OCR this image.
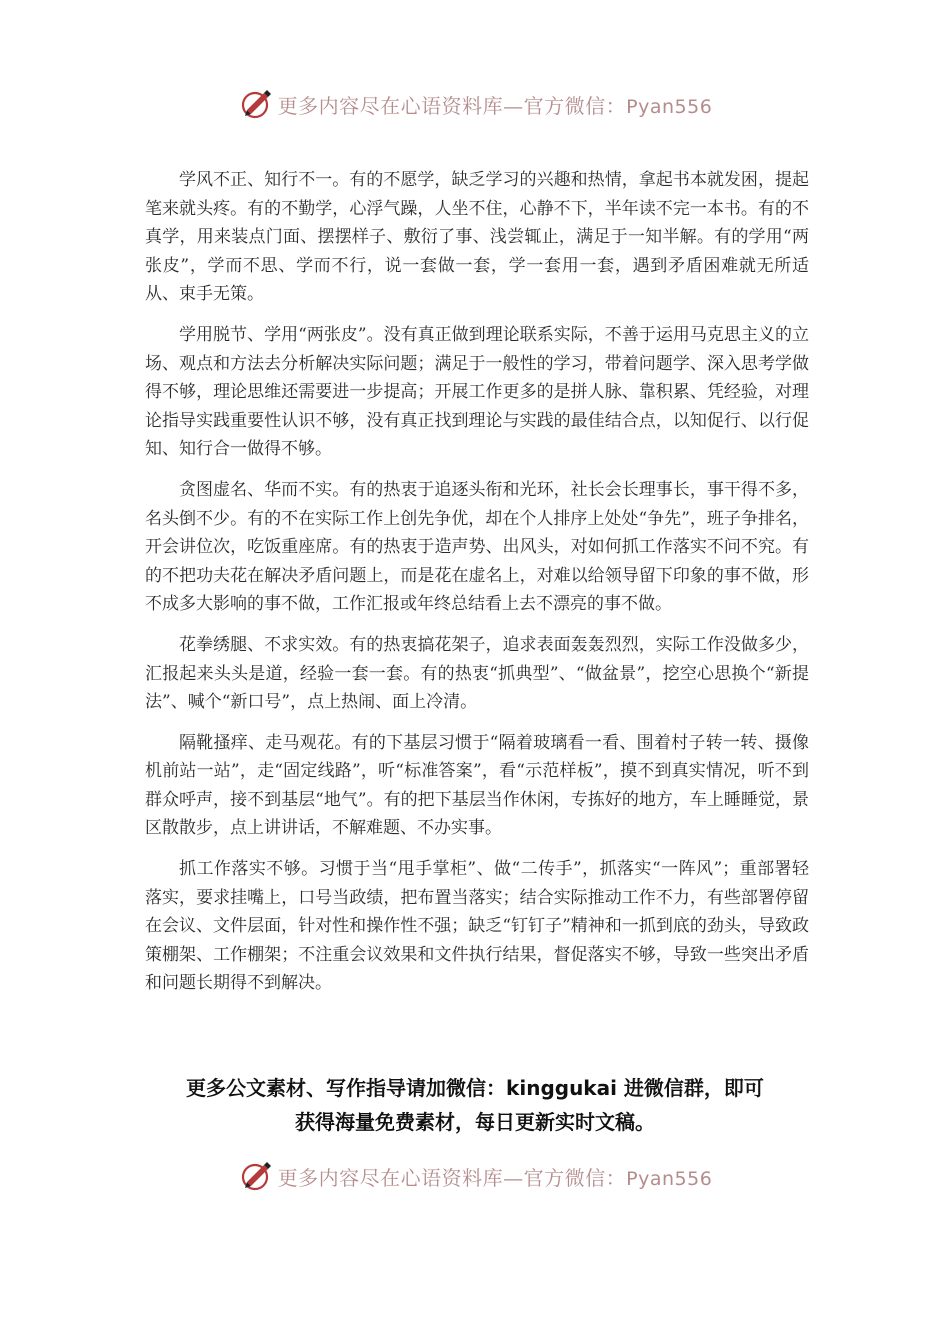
更多内容尽在心语资料库—官方微信：Pyan556

学风不正、知行不一。有的不愿学，缺乏学习的兴趣和热情，拿起书本就发困，提起笔来就头疼。有的不勤学，心浮气躁，人坐不住，心静不下，半年读不完一本书。有的不真学，用来装点门面、摆摆样子、敷衍了事、浅尝辄止，满足于一知半解。有的学用“两张皮”，学而不思、学而不行，说一套做一套，学一套用一套，遇到矛盾困难就无所适从、束手无策。

学用脱节、学用“两张皮”。没有真正做到理论联系实际，不善于运用马克思主义的立场、观点和方法去分析解决实际问题；满足于一般性的学习，带着问题学、深入思考学做得不够，理论思维还需要进一步提高；开展工作更多的是拼人脉、靠积累、凭经验，对理论指导实践重要性认识不够，没有真正找到理论与实践的最佳结合点，以知促行、以行促知、知行合一做得不够。

贪图虚名、华而不实。有的热衷于追逐头衔和光环，社长会长理事长，事干得不多，名头倒不少。有的不在实际工作上创先争优，却在个人排序上处处“争先”，班子争排名，开会讲位次，吃饭重座席。有的热衷于造声势、出风头，对如何抓工作落实不问不究。有的不把功夫花在解决矛盾问题上，而是花在虚名上，对难以给领导留下印象的事不做，形不成多大影响的事不做，工作汇报或年终总结看上去不漂亮的事不做。

花拳绣腿、不求实效。有的热衷搞花架子，追求表面轰轰烈烈，实际工作没做多少，汇报起来头头是道，经验一套一套。有的热衷“抓典型”、“做盆景”，挖空心思换个“新提法”、喊个“新口号”，点上热闹、面上冷清。

隔靴搔痒、走马观花。有的下基层习惯于“隔着玻璃看一看、围着村子转一转、摄像机前站一站”，走“固定线路”，听“标准答案”，看“示范样板”，摸不到真实情况，听不到群众呼声，接不到基层“地气”。有的把下基层当作休闲，专拣好的地方，车上睡睡觉，景区散散步，点上讲讲话，不解难题、不办实事。

抓工作落实不够。习惯于当“甩手掌柜”、做“二传手”，抓落实“一阵风”；重部署轻落实，要求挂嘴上，口号当政绩，把布置当落实；结合实际推动工作不力，有些部署停留在会议、文件层面，针对性和操作性不强；缺乏“钉钉子”精神和一抓到底的劲头，导致政策棚架、工作棚架；不注重会议效果和文件执行结果，督促落实不够，导致一些突出矛盾和问题长期得不到解决。

更多公文素材、写作指导请加微信：kinggukai 进微信群，即可
获得海量免费素材，每日更新实时文稿。
更多内容尽在心语资料库—官方微信：Pyan556
